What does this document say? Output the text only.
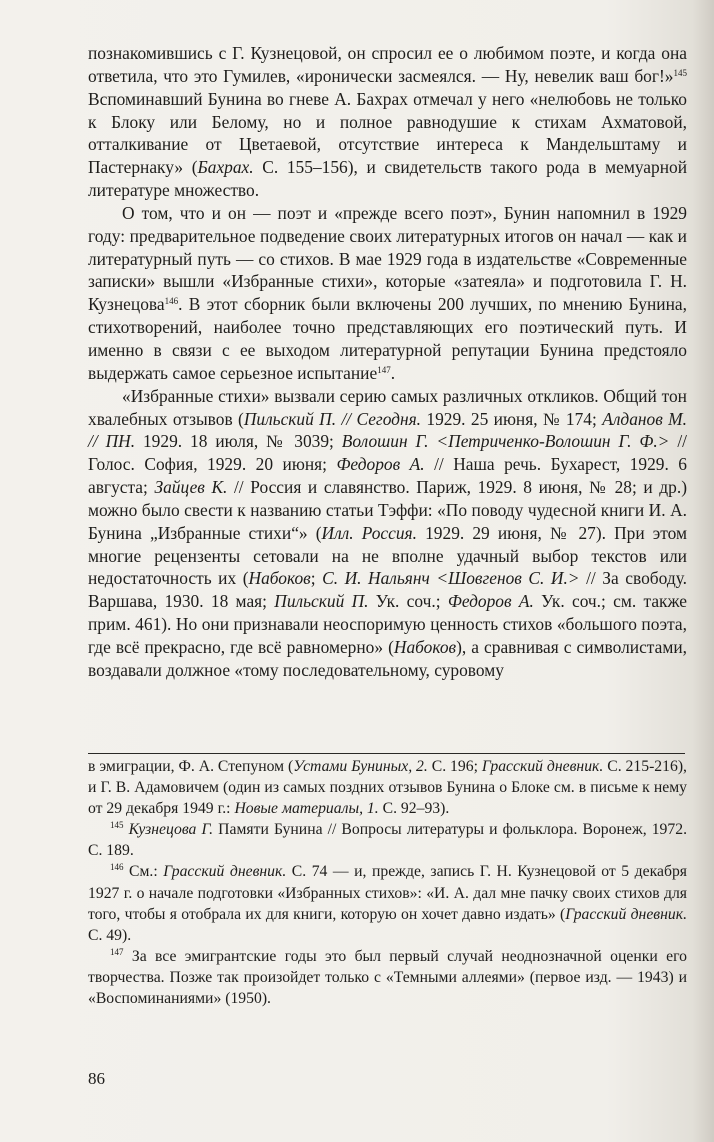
познакомившись с Г. Кузнецовой, он спросил ее о любимом поэте, и когда она ответила, что это Гумилев, «иронически засмеялся. — Ну, невелик ваш бог!»$^{145}$ Вспоминавший Бунина во гневе А. Бахрах отмечал у него «нелюбовь не только к Блоку или Белому, но и полное равнодушие к стихам Ахматовой, отталкивание от Цветаевой, отсутствие интереса к Мандельштаму и Пастернаку» (Бахрах. С. 155–156), и свидетельств такого рода в мемуарной литературе множество.

О том, что и он — поэт и «прежде всего поэт», Бунин напомнил в 1929 году: предварительное подведение своих литературных итогов он начал — как и литературный путь — со стихов. В мае 1929 года в издательстве «Современные записки» вышли «Избранные стихи», которые «затеяла» и подготовила Г. Н. Кузнецова$^{146}$. В этот сборник были включены 200 лучших, по мнению Бунина, стихотворений, наиболее точно представляющих его поэтический путь. И именно в связи с ее выходом литературной репутации Бунина предстояло выдержать самое серьезное испытание$^{147}$.

«Избранные стихи» вызвали серию самых различных откликов. Общий тон хвалебных отзывов (Пильский П. // Сегодня. 1929. 25 июня, № 174; Алданов М. // ПН. 1929. 18 июля, № 3039; Волошин Г. <Петриченко-Волошин Г. Ф.> // Голос. София, 1929. 20 июня; Федоров А. // Наша речь. Бухарест, 1929. 6 августа; Зайцев К. // Россия и славянство. Париж, 1929. 8 июня, № 28; и др.) можно было свести к названию статьи Тэффи: «По поводу чудесной книги И. А. Бунина „Избранные стихи“» (Илл. Россия. 1929. 29 июня, № 27). При этом многие рецензенты сетовали на не вполне удачный выбор текстов или недостаточность их (Набоков; С. И. Нальянч <Шовгенов С. И.> // За свободу. Варшава, 1930. 18 мая; Пильский П. Ук. соч.; Федоров А. Ук. соч.; см. также прим. 461). Но они признавали неоспоримую ценность стихов «большого поэта, где всё прекрасно, где всё равномерно» (Набоков), а сравнивая с символистами, воздавали должное «тому последовательному, суровому

в эмиграции, Ф. А. Степуном (Устами Буниных, 2. С. 196; Грасский дневник. С. 215-216), и Г. В. Адамовичем (один из самых поздних отзывов Бунина о Блоке см. в письме к нему от 29 декабря 1949 г.: Новые материалы, 1. С. 92–93).

$^{145}$ Кузнецова Г. Памяти Бунина // Вопросы литературы и фольклора. Воронеж, 1972. С. 189.

$^{146}$ См.: Грасский дневник. С. 74 — и, прежде, запись Г. Н. Кузнецовой от 5 декабря 1927 г. о начале подготовки «Избранных стихов»: «И. А. дал мне пачку своих стихов для того, чтобы я отобрала их для книги, которую он хочет давно издать» (Грасский дневник. С. 49).

$^{147}$ За все эмигрантские годы это был первый случай неоднозначной оценки его творчества. Позже так произойдет только с «Темными аллеями» (первое изд. — 1943) и «Воспоминаниями» (1950).

86
